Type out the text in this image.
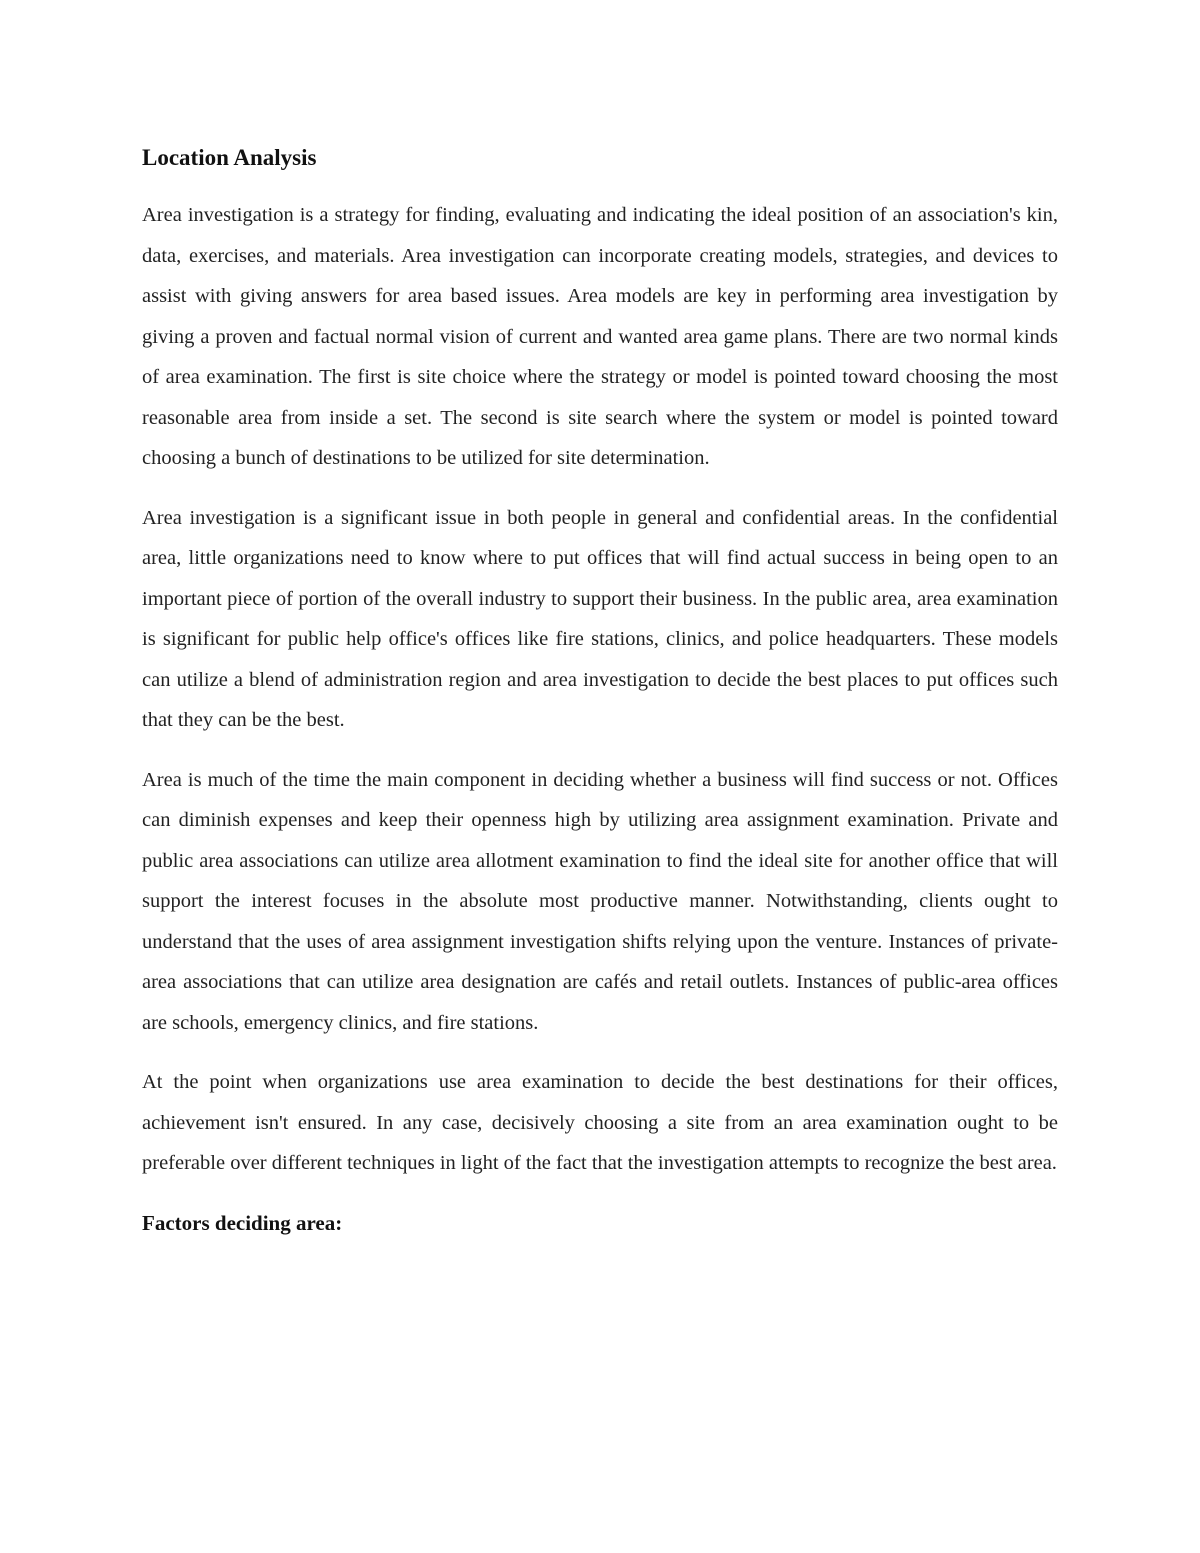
Location Analysis

Area investigation is a strategy for finding, evaluating and indicating the ideal position of an association's kin, data, exercises, and materials. Area investigation can incorporate creating models, strategies, and devices to assist with giving answers for area based issues. Area models are key in performing area investigation by giving a proven and factual normal vision of current and wanted area game plans. There are two normal kinds of area examination. The first is site choice where the strategy or model is pointed toward choosing the most reasonable area from inside a set. The second is site search where the system or model is pointed toward choosing a bunch of destinations to be utilized for site determination.

Area investigation is a significant issue in both people in general and confidential areas. In the confidential area, little organizations need to know where to put offices that will find actual success in being open to an important piece of portion of the overall industry to support their business. In the public area, area examination is significant for public help office's offices like fire stations, clinics, and police headquarters. These models can utilize a blend of administration region and area investigation to decide the best places to put offices such that they can be the best.

Area is much of the time the main component in deciding whether a business will find success or not. Offices can diminish expenses and keep their openness high by utilizing area assignment examination. Private and public area associations can utilize area allotment examination to find the ideal site for another office that will support the interest focuses in the absolute most productive manner. Notwithstanding, clients ought to understand that the uses of area assignment investigation shifts relying upon the venture. Instances of private-area associations that can utilize area designation are cafés and retail outlets. Instances of public-area offices are schools, emergency clinics, and fire stations.

At the point when organizations use area examination to decide the best destinations for their offices, achievement isn't ensured. In any case, decisively choosing a site from an area examination ought to be preferable over different techniques in light of the fact that the investigation attempts to recognize the best area.

Factors deciding area:
